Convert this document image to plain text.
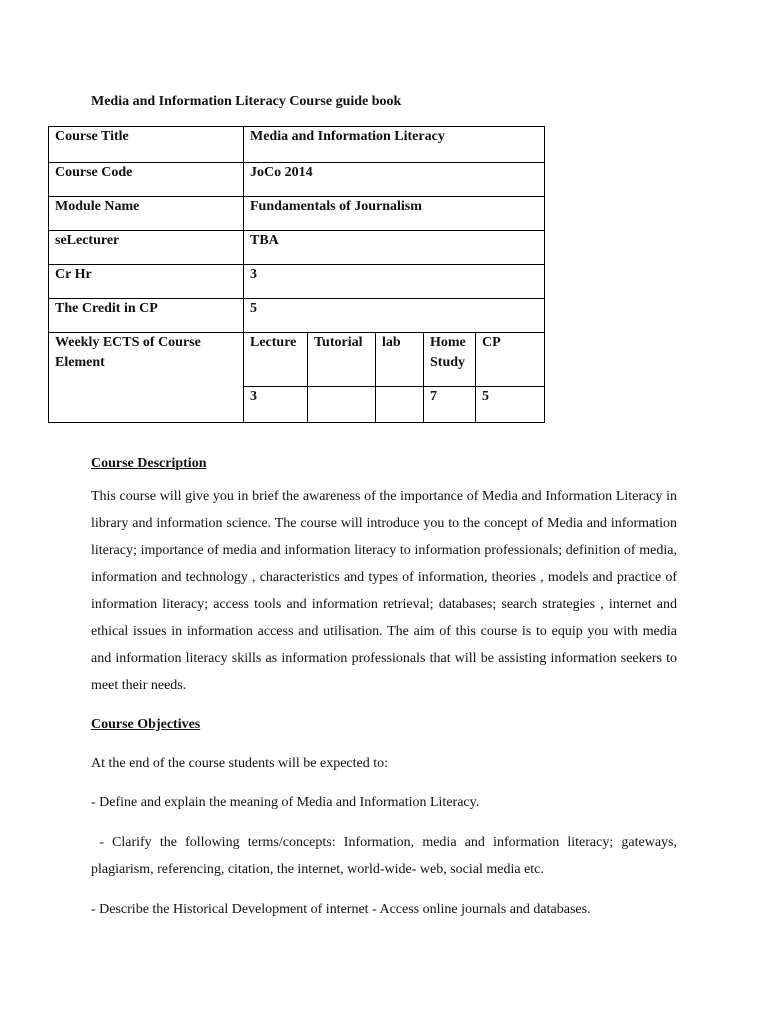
Media and Information Literacy Course guide book
Course Title	Media and Information Literacy				
Course Code	JoCo 2014				
Module Name	Fundamentals of Journalism				
seLecturer	TBA				
Cr Hr	3				
The Credit in CP	5				
Weekly ECTS of Course Element	Lecture	Tutorial	lab	Home Study	CP
	3			7	5
Course Description
This course will give you in brief the awareness of the importance of Media and Information Literacy in library and information science. The course will introduce you to the concept of Media and information literacy; importance of media and information literacy to information professionals; definition of media, information and technology , characteristics and types of information, theories , models and practice of information literacy; access tools and information retrieval; databases; search strategies , internet and ethical issues in information access and utilisation. The aim of this course is to equip you with media and information literacy skills as information professionals that will be assisting information seekers to meet their needs.
Course Objectives
At the end of the course students will be expected to:
- Define and explain the meaning of Media and Information Literacy.
- Clarify the following terms/concepts: Information, media and information literacy; gateways, plagiarism, referencing, citation, the internet, world-wide- web, social media etc.
- Describe the Historical Development of internet - Access online journals and databases.
